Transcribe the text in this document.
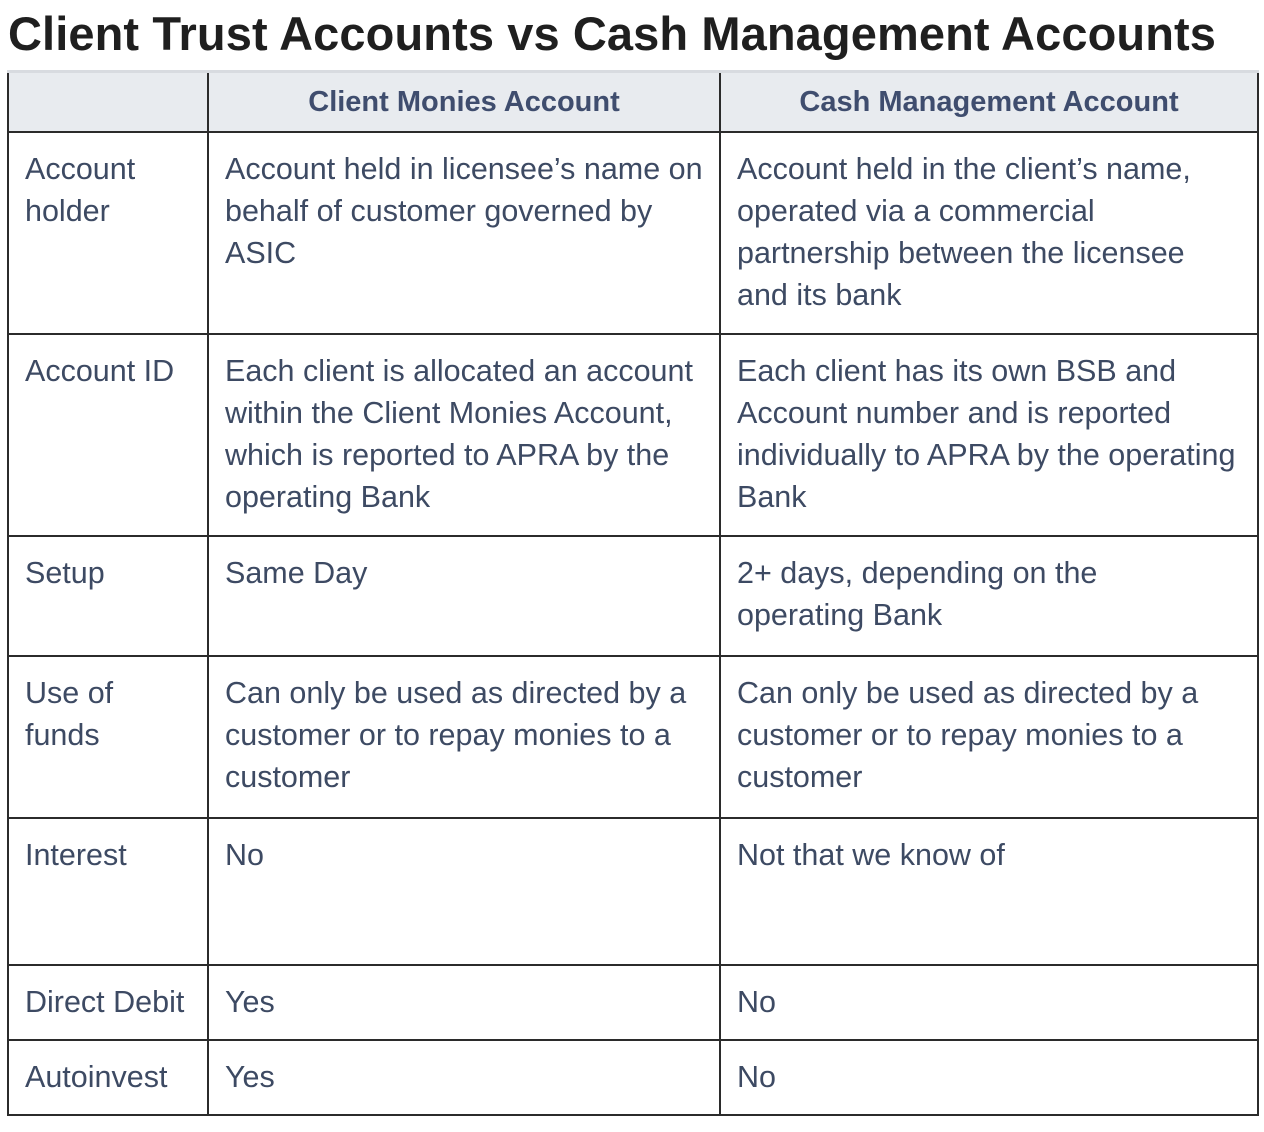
Client Trust Accounts vs Cash Management Accounts
	Client Monies Account	Cash Management Account

Account holder	Account held in licensee’s name on behalf of customer governed by ASIC	Account held in the client’s name, operated via a commercial partnership between the licensee and its bank
Account ID	Each client is allocated an account within the Client Monies Account, which is reported to APRA by the operating Bank	Each client has its own BSB and Account number and is reported individually to APRA by the operating Bank
Setup	Same Day	2+ days, depending on the operating Bank

Use of funds	Can only be used as directed by a customer or to repay monies to a customer	Can only be used as directed by a customer or to repay monies to a customer
Interest	No	Not that we know of
Direct Debit	Yes	No
Autoinvest	Yes	No
